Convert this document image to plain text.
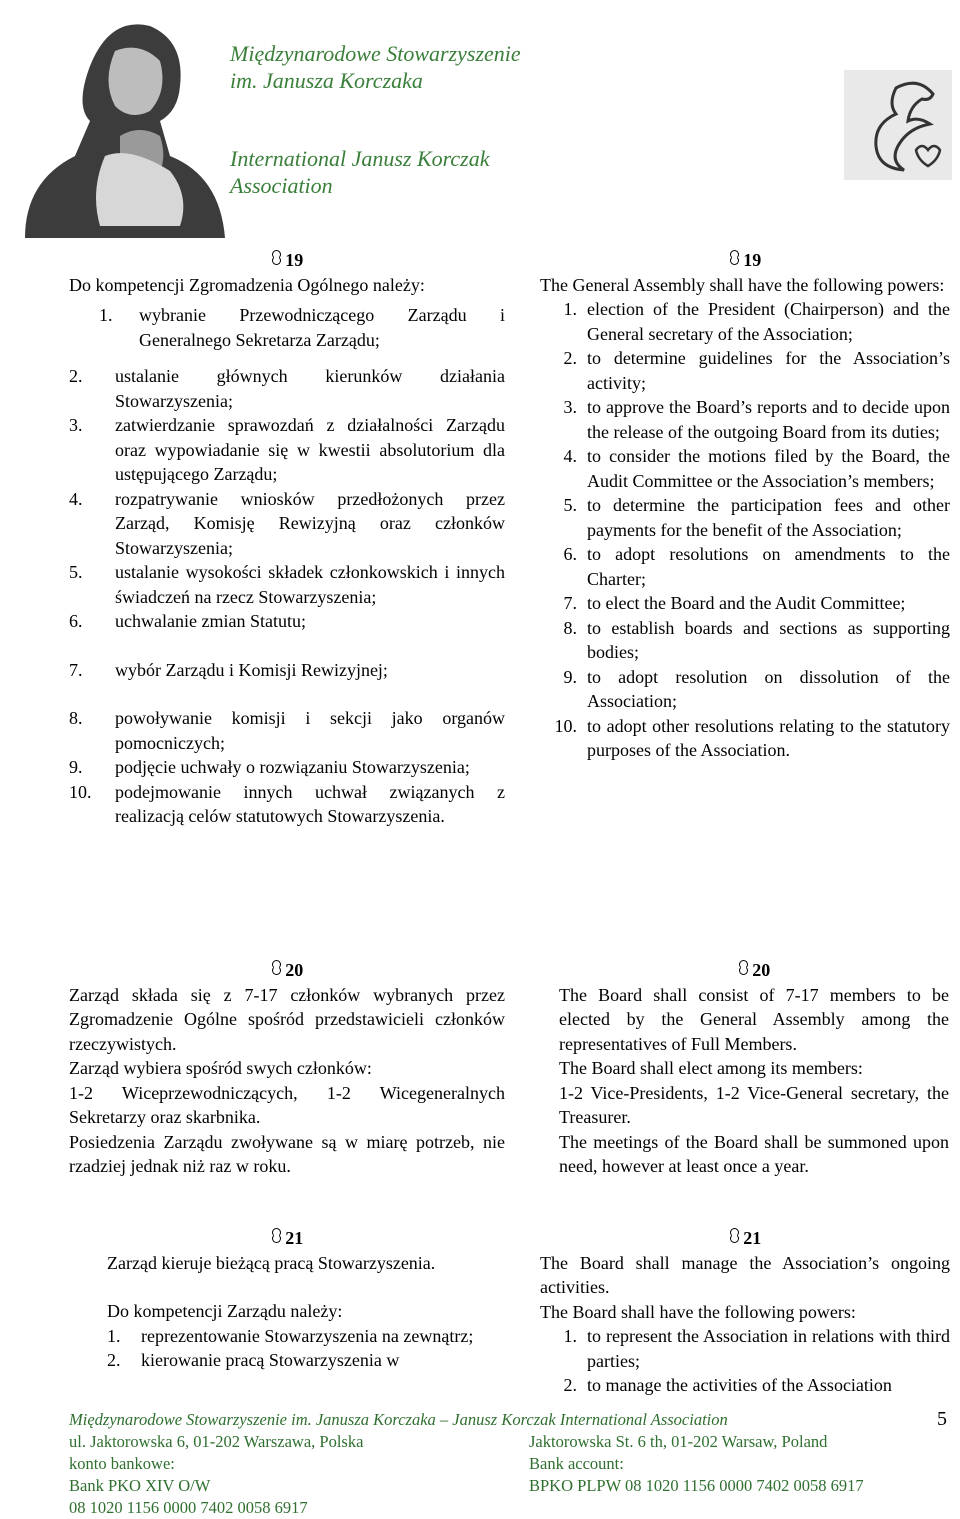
Międzynarodowe Stowarzyszenie
im. Janusza Korczaka
International Janusz Korczak
Association
19
Do kompetencji Zgromadzenia Ogólnego należy:
1.	wybranie Przewodniczącego Zarządu i Generalnego Sekretarza Zarządu;
2.	ustalanie głównych kierunków działania Stowarzyszenia;
3.	zatwierdzanie sprawozdań z działalności Zarządu oraz wypowiadanie się w kwestii absolutorium dla ustępującego Zarządu;
4.	rozpatrywanie wniosków przedłożonych przez Zarząd, Komisję Rewizyjną oraz członków Stowarzyszenia;
5.	ustalanie wysokości składek członkowskich i innych świadczeń na rzecz Stowarzyszenia;
6.	uchwalanie zmian Statutu;
7.	wybór Zarządu i Komisji Rewizyjnej;
8.	powoływanie komisji i sekcji jako organów pomocniczych;
9.	podjęcie uchwały o rozwiązaniu Stowarzyszenia;
10.	podejmowanie innych uchwał związanych z realizacją celów statutowych Stowarzyszenia.
20
Zarząd składa się z 7-17 członków wybranych przez Zgromadzenie Ogólne spośród przedstawicieli członków rzeczywistych.
Zarząd wybiera spośród swych członków:
1-2 Wiceprzewodniczących, 1-2 Wicegeneralnych Sekretarzy oraz skarbnika.
Posiedzenia Zarządu zwoływane są w miarę potrzeb, nie rzadziej jednak niż raz w roku.
21
Zarząd kieruje bieżącą pracą Stowarzyszenia.
Do kompetencji Zarządu należy:
1.	reprezentowanie Stowarzyszenia na zewnątrz;
2.	kierowanie pracą Stowarzyszenia w
19
The General Assembly shall have the following powers:
1. election of the President (Chairperson) and the General secretary of the Association;
2. to determine guidelines for the Association’s activity;
3. to approve the Board’s reports and to decide upon the release of the outgoing Board from its duties;
4. to consider the motions filed by the Board, the Audit Committee or the Association’s members;
5. to determine the participation fees and other payments for the benefit of the Association;
6. to adopt resolutions on amendments to the Charter;
7. to elect the Board and the Audit Committee;
8. to establish boards and sections as supporting bodies;
9. to adopt resolution on dissolution of the Association;
10. to adopt other resolutions relating to the statutory purposes of the Association.
20
The Board shall consist of 7-17 members to be elected by the General Assembly among the representatives of Full Members.
The Board shall elect among its members:
1-2 Vice-Presidents, 1-2 Vice-General secretary, the Treasurer.
The meetings of the Board shall be summoned upon need, however at least once a year.
21
The Board shall manage the Association’s ongoing activities.
The Board shall have the following powers:
1. to represent the Association in relations with third parties;
2. to manage the activities of the Association
Międzynarodowe Stowarzyszenie im. Janusza Korczaka – Janusz Korczak International Association
ul. Jaktorowska 6, 01-202 Warszawa, Polska	Jaktorowska St. 6 th, 01-202 Warsaw, Poland
konto bankowe:	Bank account:
Bank PKO XIV O/W	BPKO PLPW 08 1020 1156 0000 7402 0058 6917
08 1020 1156 0000 7402 0058 6917
5
